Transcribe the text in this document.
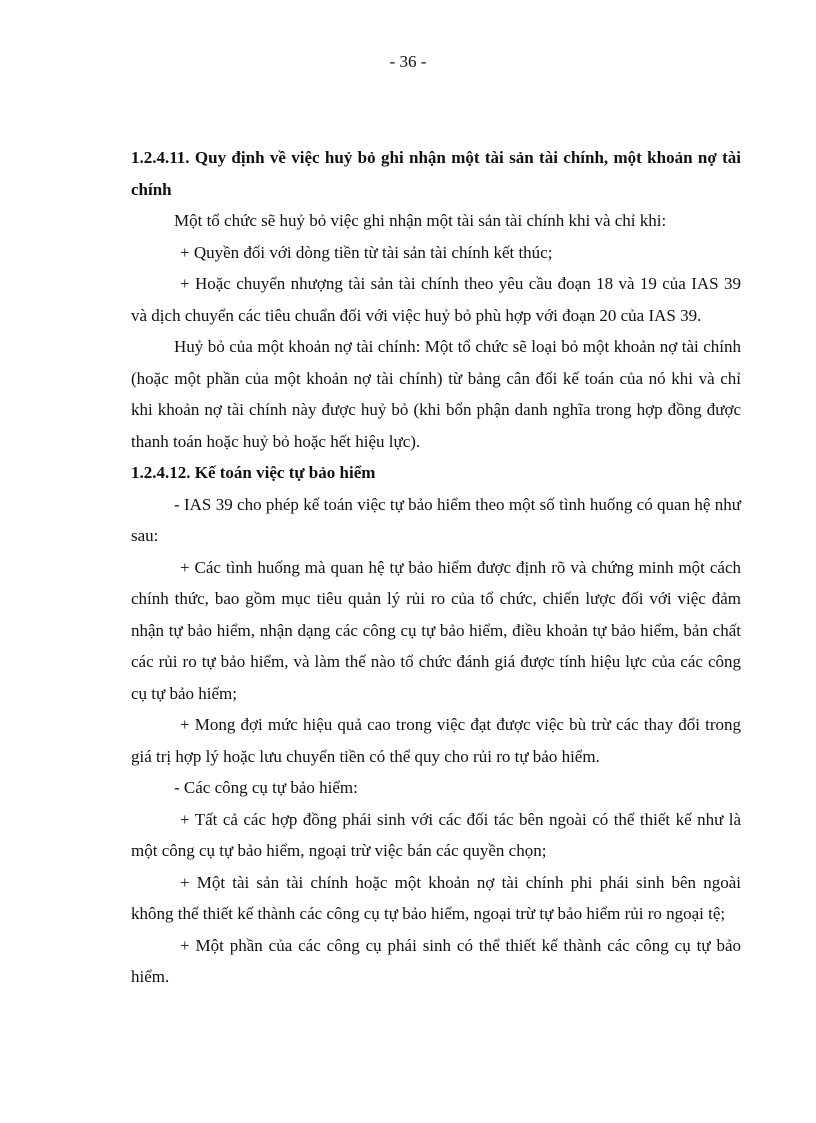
- 36 -

1.2.4.11. Quy định về việc huỷ bỏ ghi nhận một tài sản tài chính, một khoản nợ tài chính

Một tổ chức sẽ huỷ bỏ việc ghi nhận một tài sản tài chính khi và chỉ khi:

+ Quyền đối với dòng tiền từ tài sản tài chính kết thúc;

+ Hoặc chuyển nhượng tài sản tài chính theo yêu cầu đoạn 18 và 19 của IAS 39 và dịch chuyển các tiêu chuẩn đối với việc huỷ bỏ phù hợp với đoạn 20 của IAS 39.

Huỷ bỏ của một khoản nợ tài chính: Một tổ chức sẽ loại bỏ một khoản nợ tài chính (hoặc một phần của một khoản nợ tài chính) từ bảng cân đối kế toán của nó khi và chỉ khi khoản nợ tài chính này được huỷ bỏ (khi bổn phận danh nghĩa trong hợp đồng được thanh toán hoặc huỷ bỏ hoặc hết hiệu lực).

1.2.4.12. Kế toán việc tự bảo hiểm

- IAS 39 cho phép kế toán việc tự bảo hiểm theo một số tình huống có quan hệ như sau:

+ Các tình huống mà quan hệ tự bảo hiểm được định rõ và chứng minh một cách chính thức, bao gồm mục tiêu quản lý rủi ro của tổ chức, chiến lược đối với việc đảm nhận tự bảo hiểm, nhận dạng các công cụ tự bảo hiểm, điều khoản tự bảo hiểm, bản chất các rủi ro tự bảo hiểm, và làm thế nào tổ chức đánh giá được tính hiệu lực của các công cụ tự bảo hiểm;

+ Mong đợi mức hiệu quả cao trong việc đạt được việc bù trừ các thay đổi trong giá trị hợp lý hoặc lưu chuyển tiền có thể quy cho rủi ro tự bảo hiểm.

- Các công cụ tự bảo hiểm:

+ Tất cả các hợp đồng phái sinh với các đối tác bên ngoài có thể thiết kế như là một công cụ tự bảo hiểm, ngoại trừ việc bán các quyền chọn;

+ Một tài sản tài chính hoặc một khoản nợ tài chính phi phái sinh bên ngoài không thể thiết kế thành các công cụ tự bảo hiểm, ngoại trừ tự bảo hiểm rủi ro ngoại tệ;

+ Một phần của các công cụ phái sinh có thể thiết kế thành các công cụ tự bảo hiểm.
